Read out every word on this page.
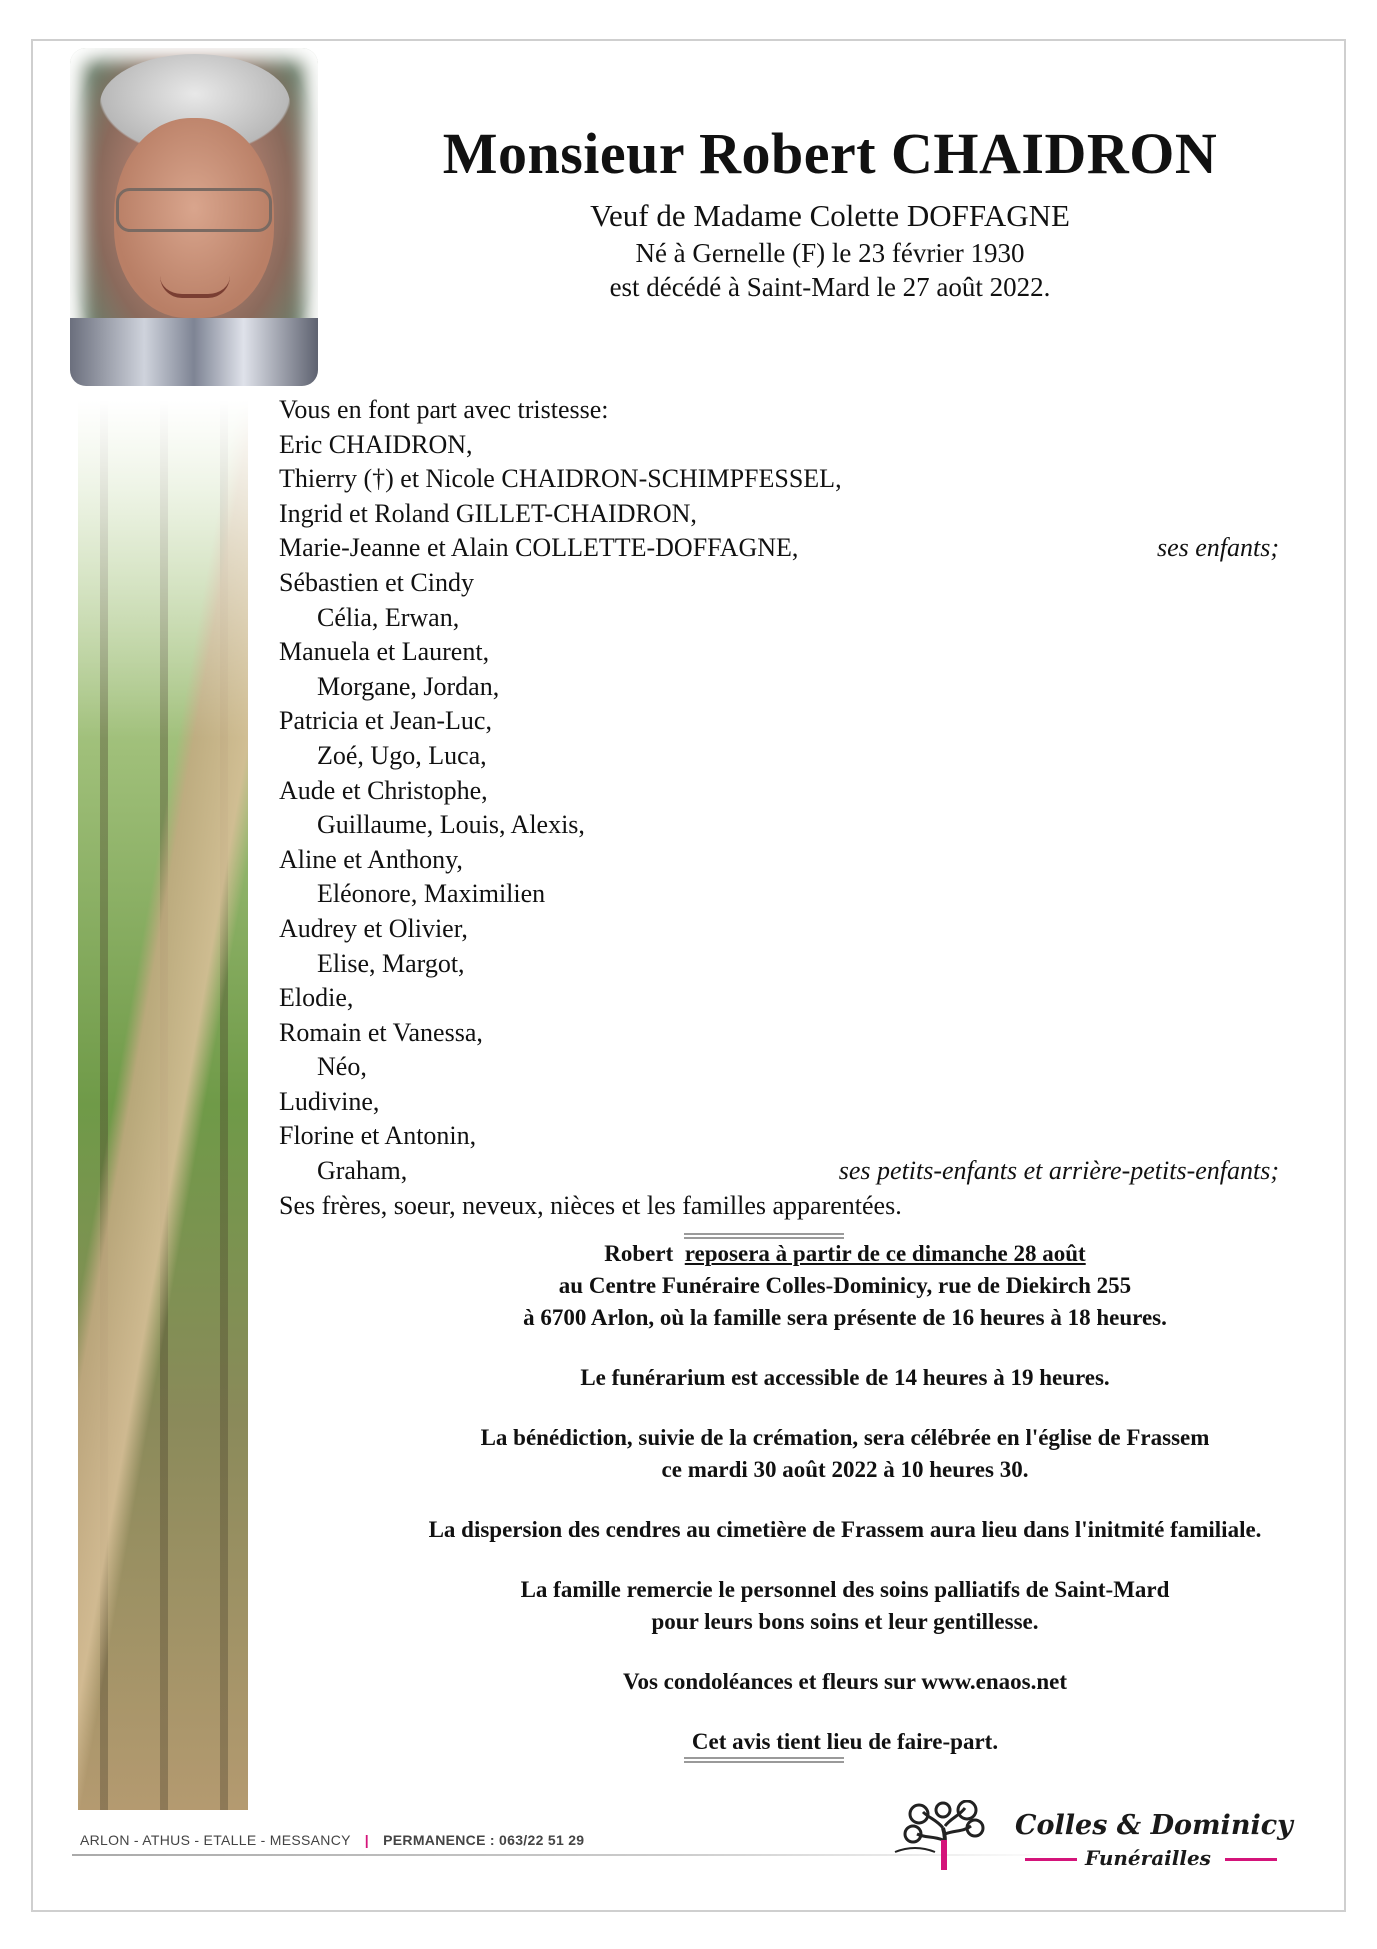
Monsieur Robert CHAIDRON

Veuf de Madame Colette DOFFAGNE

Né à Gernelle (F) le 23 février 1930

est décédé à Saint-Mard le 27 août 2022.

Vous en font part avec tristesse:
Eric CHAIDRON,
Thierry (†) et Nicole CHAIDRON-SCHIMPFESSEL,
Ingrid et Roland GILLET-CHAIDRON,
Marie-Jeanne et Alain COLLETTE-DOFFAGNE,	ses enfants;
Sébastien et Cindy
Célia, Erwan,
Manuela et Laurent,
Morgane, Jordan,
Patricia et Jean-Luc,
Zoé, Ugo, Luca,
Aude et Christophe,
Guillaume, Louis, Alexis,
Aline et Anthony,
Eléonore, Maximilien
Audrey et Olivier,
Elise, Margot,
Elodie,
Romain et Vanessa,
Néo,
Ludivine,
Florine et Antonin,
Graham,	ses petits-enfants et arrière-petits-enfants;
Ses frères, soeur, neveux, nièces et les familles apparentées.

Robert reposera à partir de ce dimanche 28 août

au Centre Funéraire Colles-Dominicy, rue de Diekirch 255

à 6700 Arlon, où la famille sera présente de 16 heures à 18 heures.

Le funérarium est accessible de 14 heures à 19 heures.

La bénédiction, suivie de la crémation, sera célébrée en l'église de Frassem

ce mardi 30 août 2022 à 10 heures 30.

La dispersion des cendres au cimetière de Frassem aura lieu dans l'initmité familiale.

La famille remercie le personnel des soins palliatifs de Saint-Mard

pour leurs bons soins et leur gentillesse.

Vos condoléances et fleurs sur www.enaos.net

Cet avis tient lieu de faire-part.

ARLON - ATHUS - ETALLE - MESSANCY | PERMANENCE : 063/22 51 29	Colles & Dominicy
Funérailles
